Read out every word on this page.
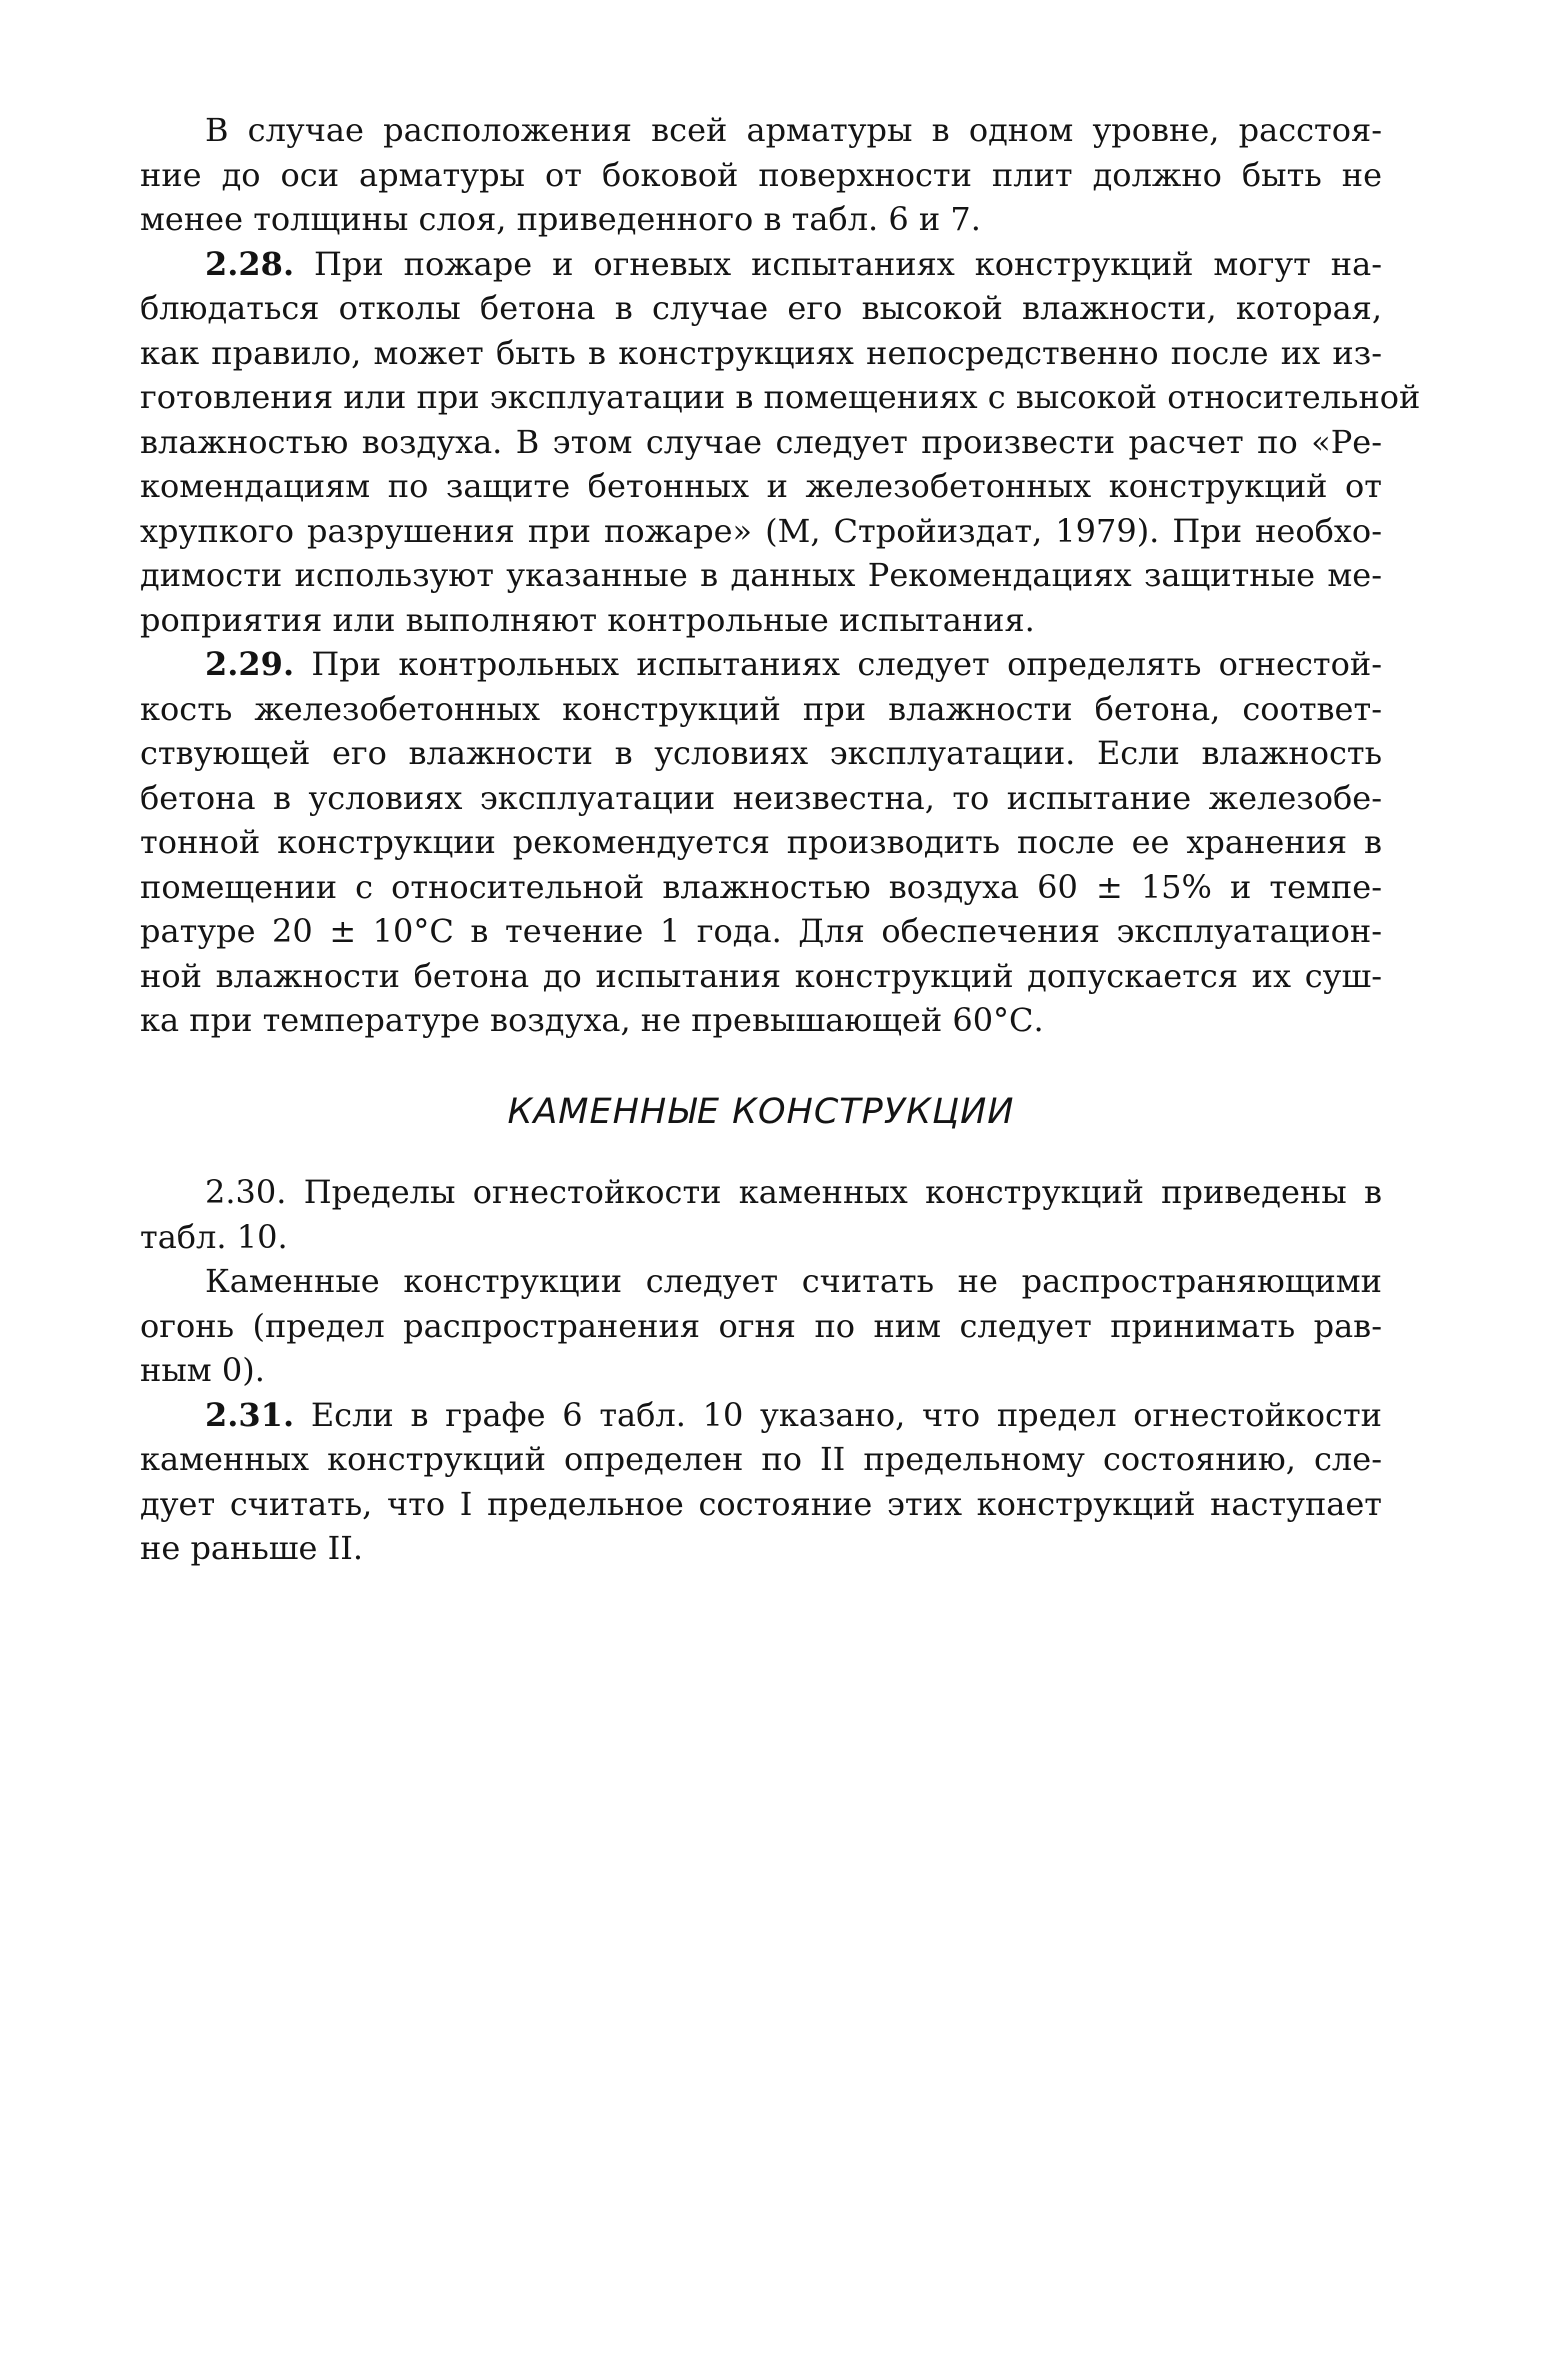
В случае расположения всей арматуры в одном уровне, расстоя-
ние до оси арматуры от боковой поверхности плит должно быть не
менее толщины слоя, приведенного в табл. 6 и 7.
2.28. При пожаре и огневых испытаниях конструкций могут на-
блюдаться отколы бетона в случае его высокой влажности, которая,
как правило, может быть в конструкциях непосредственно после их из-
готовления или при эксплуатации в помещениях с высокой относительной
влажностью воздуха. В этом случае следует произвести расчет по «Ре-
комендациям по защите бетонных и железобетонных конструкций от
хрупкого разрушения при пожаре» (М, Стройиздат, 1979). При необхо-
димости используют указанные в данных Рекомендациях защитные ме-
роприятия или выполняют контрольные испытания.
2.29. При контрольных испытаниях следует определять огнестой-
кость железобетонных конструкций при влажности бетона, соответ-
ствующей его влажности в условиях эксплуатации. Если влажность
бетона в условиях эксплуатации неизвестна, то испытание железобе-
тонной конструкции рекомендуется производить после ее хранения в
помещении с относительной влажностью воздуха 60 ± 15% и темпе-
ратуре 20 ± 10°С в течение 1 года. Для обеспечения эксплуатацион-
ной влажности бетона до испытания конструкций допускается их суш-
ка при температуре воздуха, не превышающей 60°С.
КАМЕННЫЕ КОНСТРУКЦИИ
2.30. Пределы огнестойкости каменных конструкций приведены в
табл. 10.
Каменные конструкции следует считать не распространяющими
огонь (предел распространения огня по ним следует принимать рав-
ным 0).
2.31. Если в графе 6 табл. 10 указано, что предел огнестойкости
каменных конструкций определен по II предельному состоянию, сле-
дует считать, что I предельное состояние этих конструкций наступает
не раньше II.
